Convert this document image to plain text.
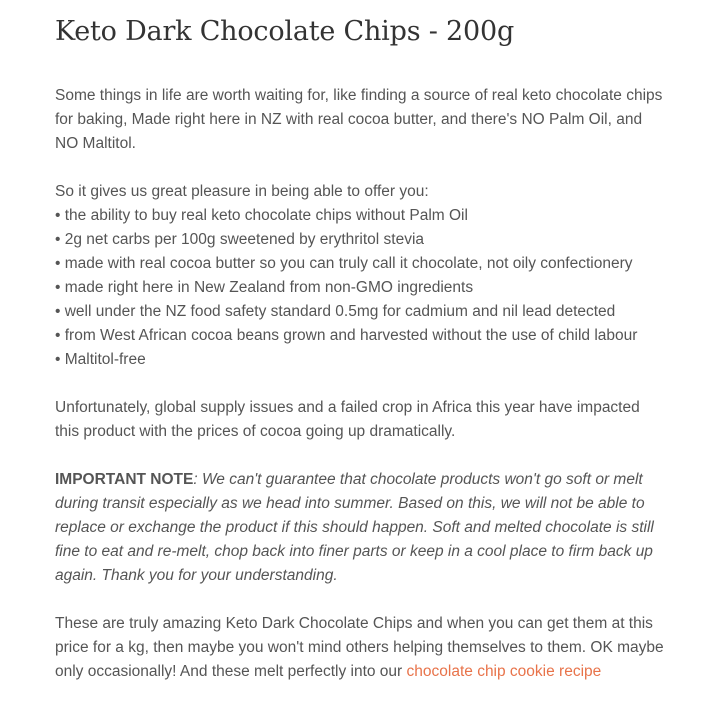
Keto Dark Chocolate Chips - 200g

Some things in life are worth waiting for, like finding a source of real keto chocolate chips for baking, Made right here in NZ with real cocoa butter, and there's NO Palm Oil, and NO Maltitol.

So it gives us great pleasure in being able to offer you:

• the ability to buy real keto chocolate chips without Palm Oil
• 2g net carbs per 100g sweetened by erythritol stevia
• made with real cocoa butter so you can truly call it chocolate, not oily confectionery
• made right here in New Zealand from non-GMO ingredients
• well under the NZ food safety standard 0.5mg for cadmium and nil lead detected
• from West African cocoa beans grown and harvested without the use of child labour
• Maltitol-free

Unfortunately, global supply issues and a failed crop in Africa this year have impacted this product with the prices of cocoa going up dramatically.

IMPORTANT NOTE: We can't guarantee that chocolate products won't go soft or melt during transit especially as we head into summer. Based on this, we will not be able to replace or exchange the product if this should happen. Soft and melted chocolate is still fine to eat and re-melt, chop back into finer parts or keep in a cool place to firm back up again. Thank you for your understanding.

These are truly amazing Keto Dark Chocolate Chips and when you can get them at this price for a kg, then maybe you won't mind others helping themselves to them. OK maybe only occasionally! And these melt perfectly into our chocolate chip cookie recipe
